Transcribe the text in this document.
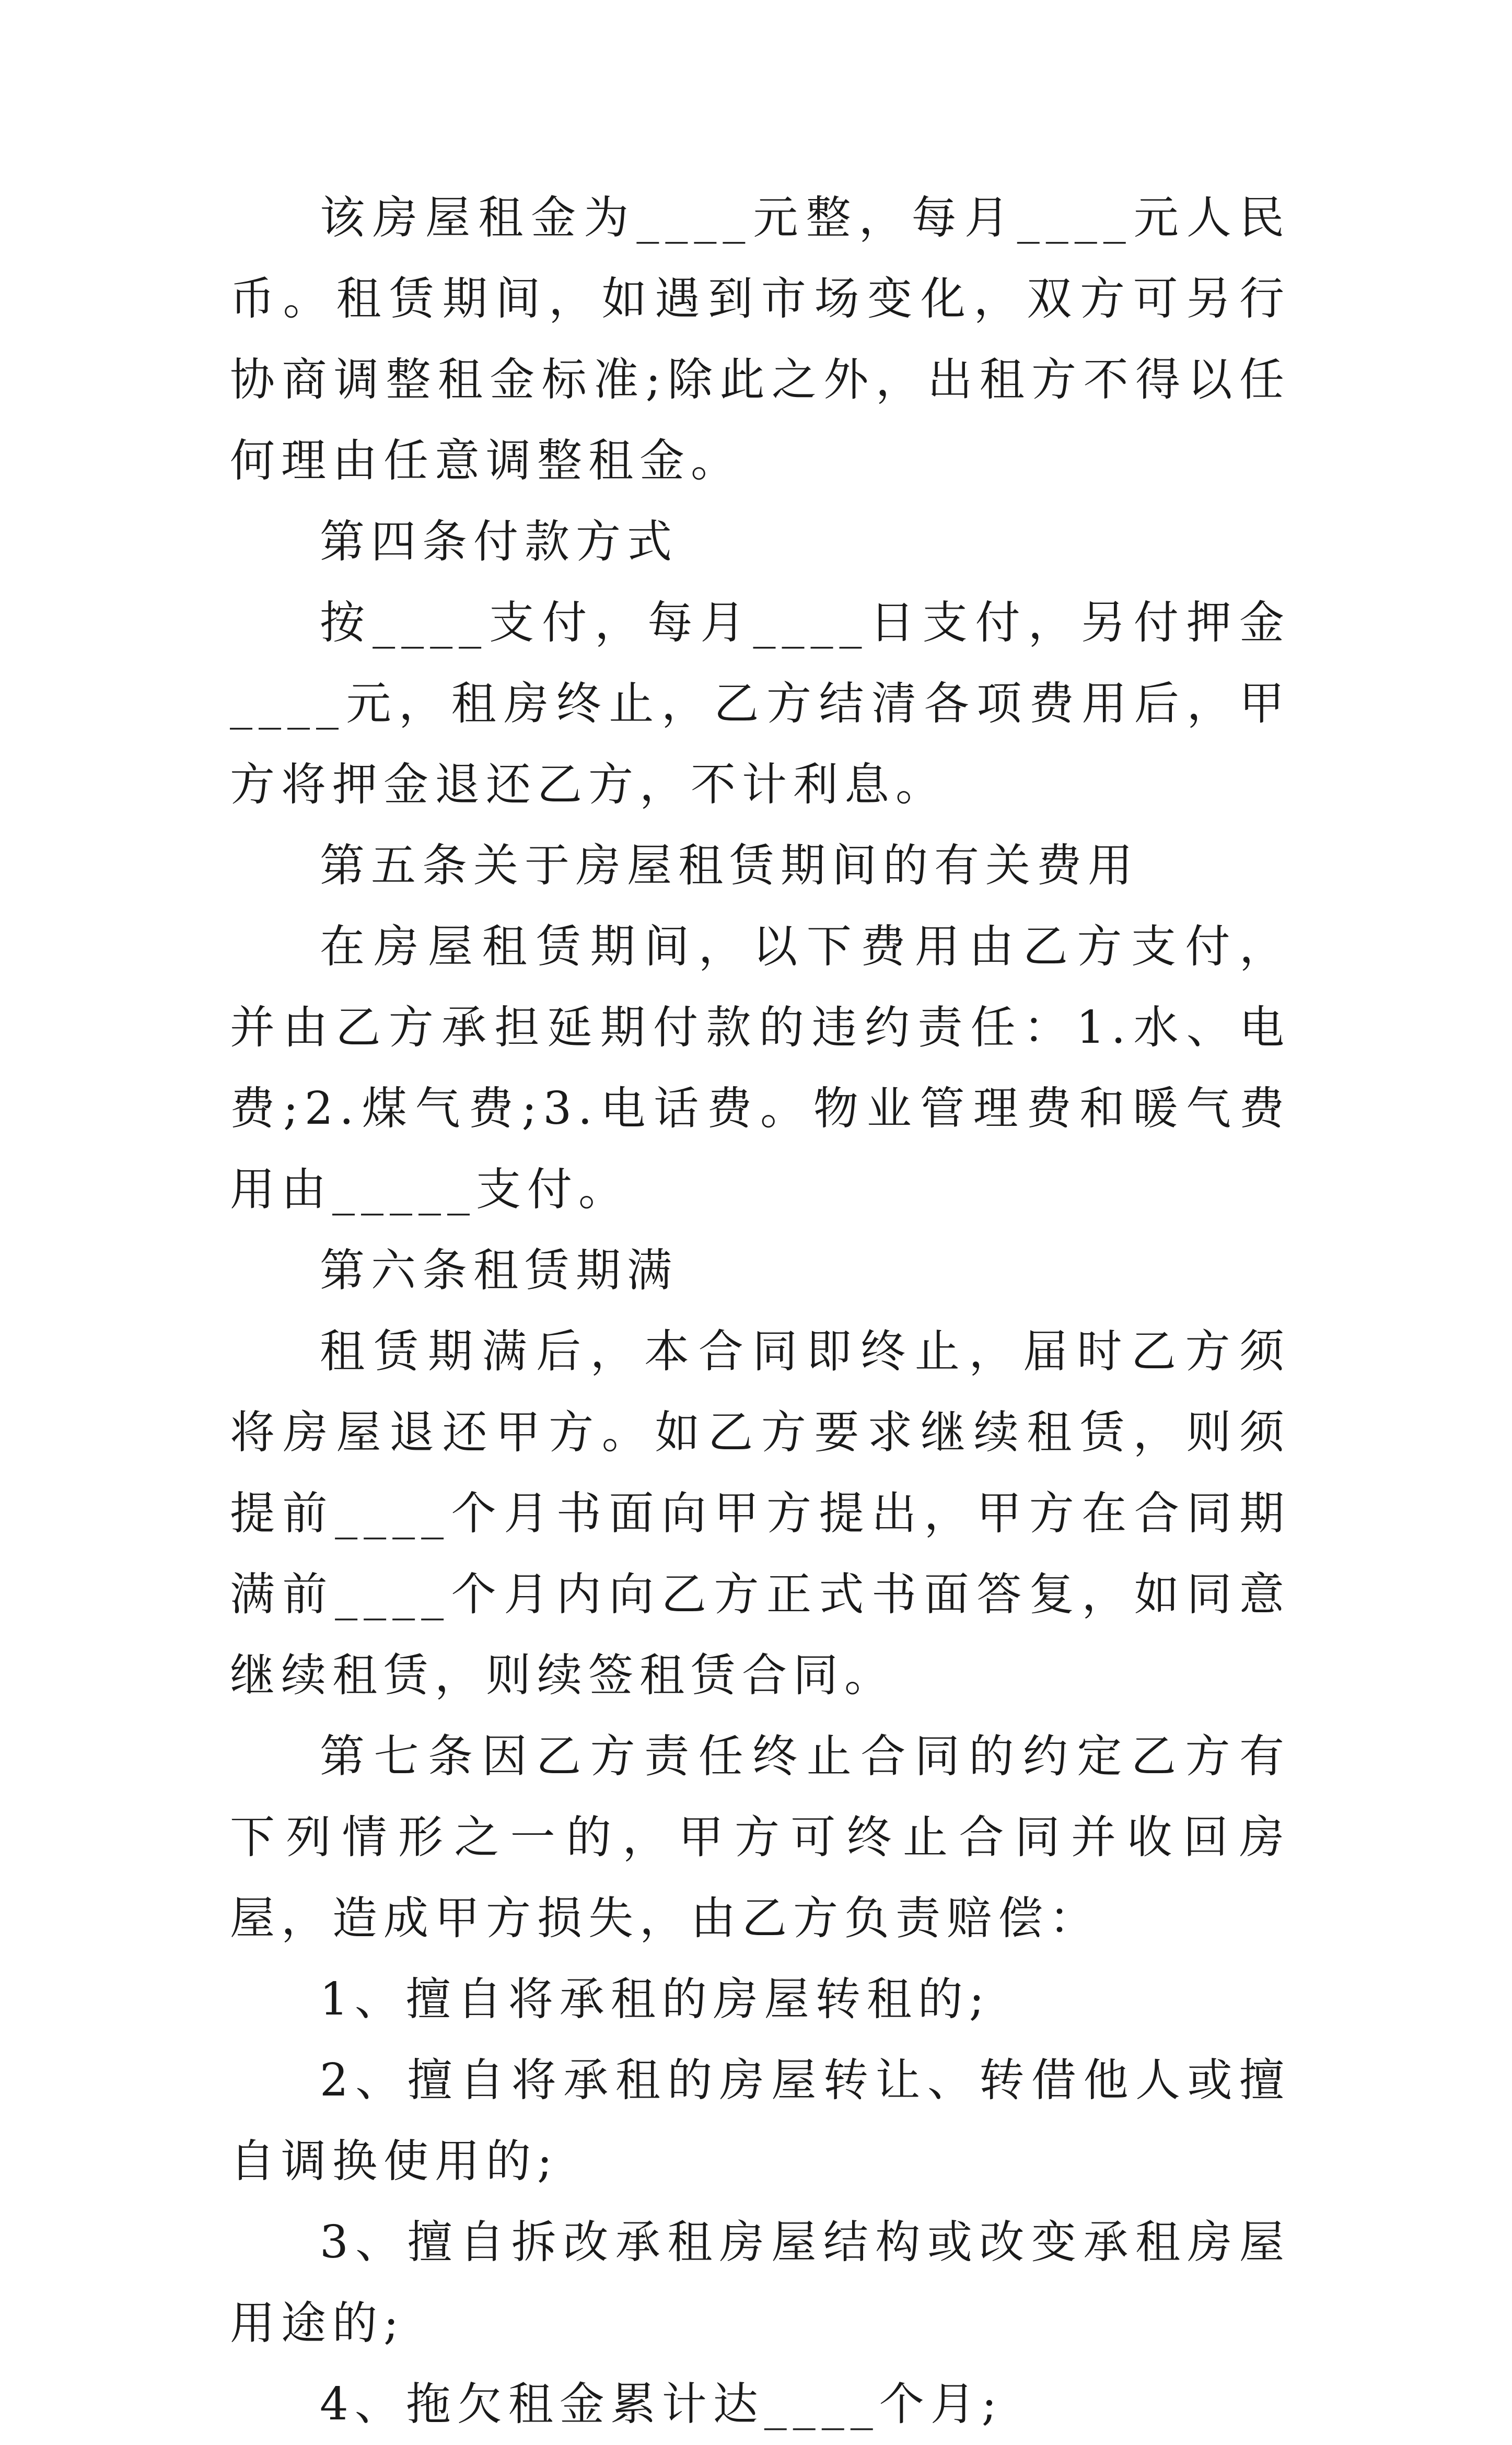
该房屋租金为____元整，每月____元人民币。租赁期间，如遇到市场变化，双方可另行协商调整租金标准;除此之外，出租方不得以任何理由任意调整租金。

第四条付款方式

按____支付，每月____日支付，另付押金____元，租房终止，乙方结清各项费用后，甲方将押金退还乙方，不计利息。

第五条关于房屋租赁期间的有关费用

在房屋租赁期间，以下费用由乙方支付，并由乙方承担延期付款的违约责任：1.水、电费;2.煤气费;3.电话费。物业管理费和暖气费用由_____支付。

第六条租赁期满

租赁期满后，本合同即终止，届时乙方须将房屋退还甲方。如乙方要求继续租赁，则须提前____个月书面向甲方提出，甲方在合同期满前____个月内向乙方正式书面答复，如同意继续租赁，则续签租赁合同。

第七条因乙方责任终止合同的约定乙方有下列情形之一的，甲方可终止合同并收回房屋，造成甲方损失，由乙方负责赔偿：

1、擅自将承租的房屋转租的;

2、擅自将承租的房屋转让、转借他人或擅自调换使用的;

3、擅自拆改承租房屋结构或改变承租房屋用途的;

4、拖欠租金累计达____个月;
